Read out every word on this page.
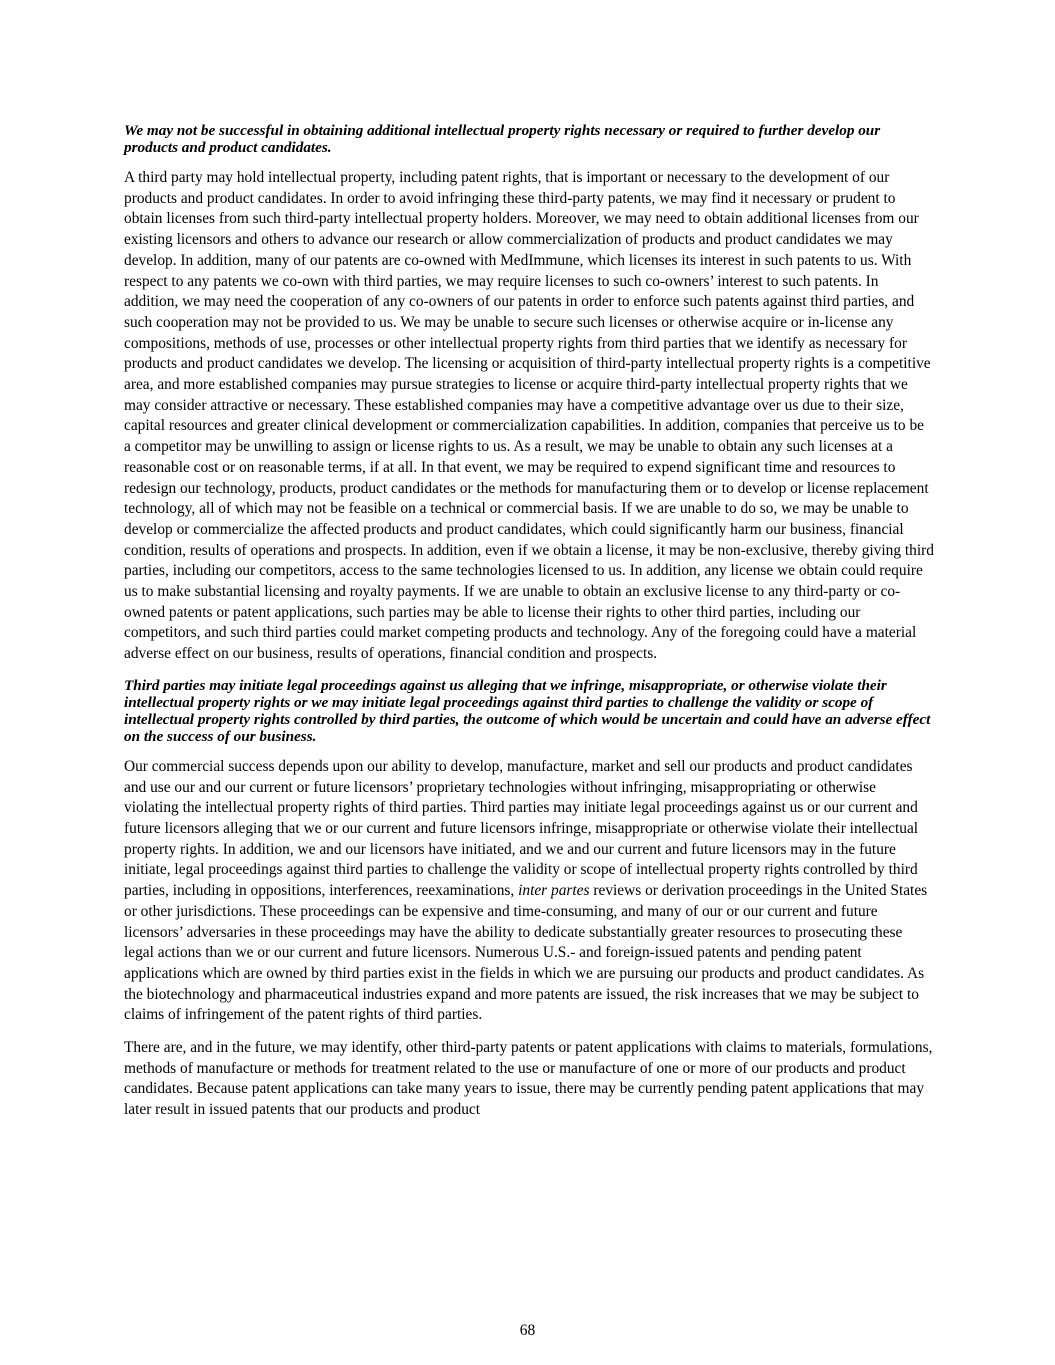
We may not be successful in obtaining additional intellectual property rights necessary or required to further develop our products and product candidates.
A third party may hold intellectual property, including patent rights, that is important or necessary to the development of our products and product candidates. In order to avoid infringing these third-party patents, we may find it necessary or prudent to obtain licenses from such third-party intellectual property holders. Moreover, we may need to obtain additional licenses from our existing licensors and others to advance our research or allow commercialization of products and product candidates we may develop. In addition, many of our patents are co-owned with MedImmune, which licenses its interest in such patents to us. With respect to any patents we co-own with third parties, we may require licenses to such co-owners’ interest to such patents. In addition, we may need the cooperation of any co-owners of our patents in order to enforce such patents against third parties, and such cooperation may not be provided to us. We may be unable to secure such licenses or otherwise acquire or in-license any compositions, methods of use, processes or other intellectual property rights from third parties that we identify as necessary for products and product candidates we develop. The licensing or acquisition of third-party intellectual property rights is a competitive area, and more established companies may pursue strategies to license or acquire third-party intellectual property rights that we may consider attractive or necessary. These established companies may have a competitive advantage over us due to their size, capital resources and greater clinical development or commercialization capabilities. In addition, companies that perceive us to be a competitor may be unwilling to assign or license rights to us. As a result, we may be unable to obtain any such licenses at a reasonable cost or on reasonable terms, if at all. In that event, we may be required to expend significant time and resources to redesign our technology, products, product candidates or the methods for manufacturing them or to develop or license replacement technology, all of which may not be feasible on a technical or commercial basis. If we are unable to do so, we may be unable to develop or commercialize the affected products and product candidates, which could significantly harm our business, financial condition, results of operations and prospects. In addition, even if we obtain a license, it may be non-exclusive, thereby giving third parties, including our competitors, access to the same technologies licensed to us. In addition, any license we obtain could require us to make substantial licensing and royalty payments. If we are unable to obtain an exclusive license to any third-party or co-owned patents or patent applications, such parties may be able to license their rights to other third parties, including our competitors, and such third parties could market competing products and technology. Any of the foregoing could have a material adverse effect on our business, results of operations, financial condition and prospects.
Third parties may initiate legal proceedings against us alleging that we infringe, misappropriate, or otherwise violate their intellectual property rights or we may initiate legal proceedings against third parties to challenge the validity or scope of intellectual property rights controlled by third parties, the outcome of which would be uncertain and could have an adverse effect on the success of our business.
Our commercial success depends upon our ability to develop, manufacture, market and sell our products and product candidates and use our and our current or future licensors’ proprietary technologies without infringing, misappropriating or otherwise violating the intellectual property rights of third parties. Third parties may initiate legal proceedings against us or our current and future licensors alleging that we or our current and future licensors infringe, misappropriate or otherwise violate their intellectual property rights. In addition, we and our licensors have initiated, and we and our current and future licensors may in the future initiate, legal proceedings against third parties to challenge the validity or scope of intellectual property rights controlled by third parties, including in oppositions, interferences, reexaminations, inter partes reviews or derivation proceedings in the United States or other jurisdictions. These proceedings can be expensive and time-consuming, and many of our or our current and future licensors’ adversaries in these proceedings may have the ability to dedicate substantially greater resources to prosecuting these legal actions than we or our current and future licensors. Numerous U.S.- and foreign-issued patents and pending patent applications which are owned by third parties exist in the fields in which we are pursuing our products and product candidates. As the biotechnology and pharmaceutical industries expand and more patents are issued, the risk increases that we may be subject to claims of infringement of the patent rights of third parties.
There are, and in the future, we may identify, other third-party patents or patent applications with claims to materials, formulations, methods of manufacture or methods for treatment related to the use or manufacture of one or more of our products and product candidates. Because patent applications can take many years to issue, there may be currently pending patent applications that may later result in issued patents that our products and product
68
